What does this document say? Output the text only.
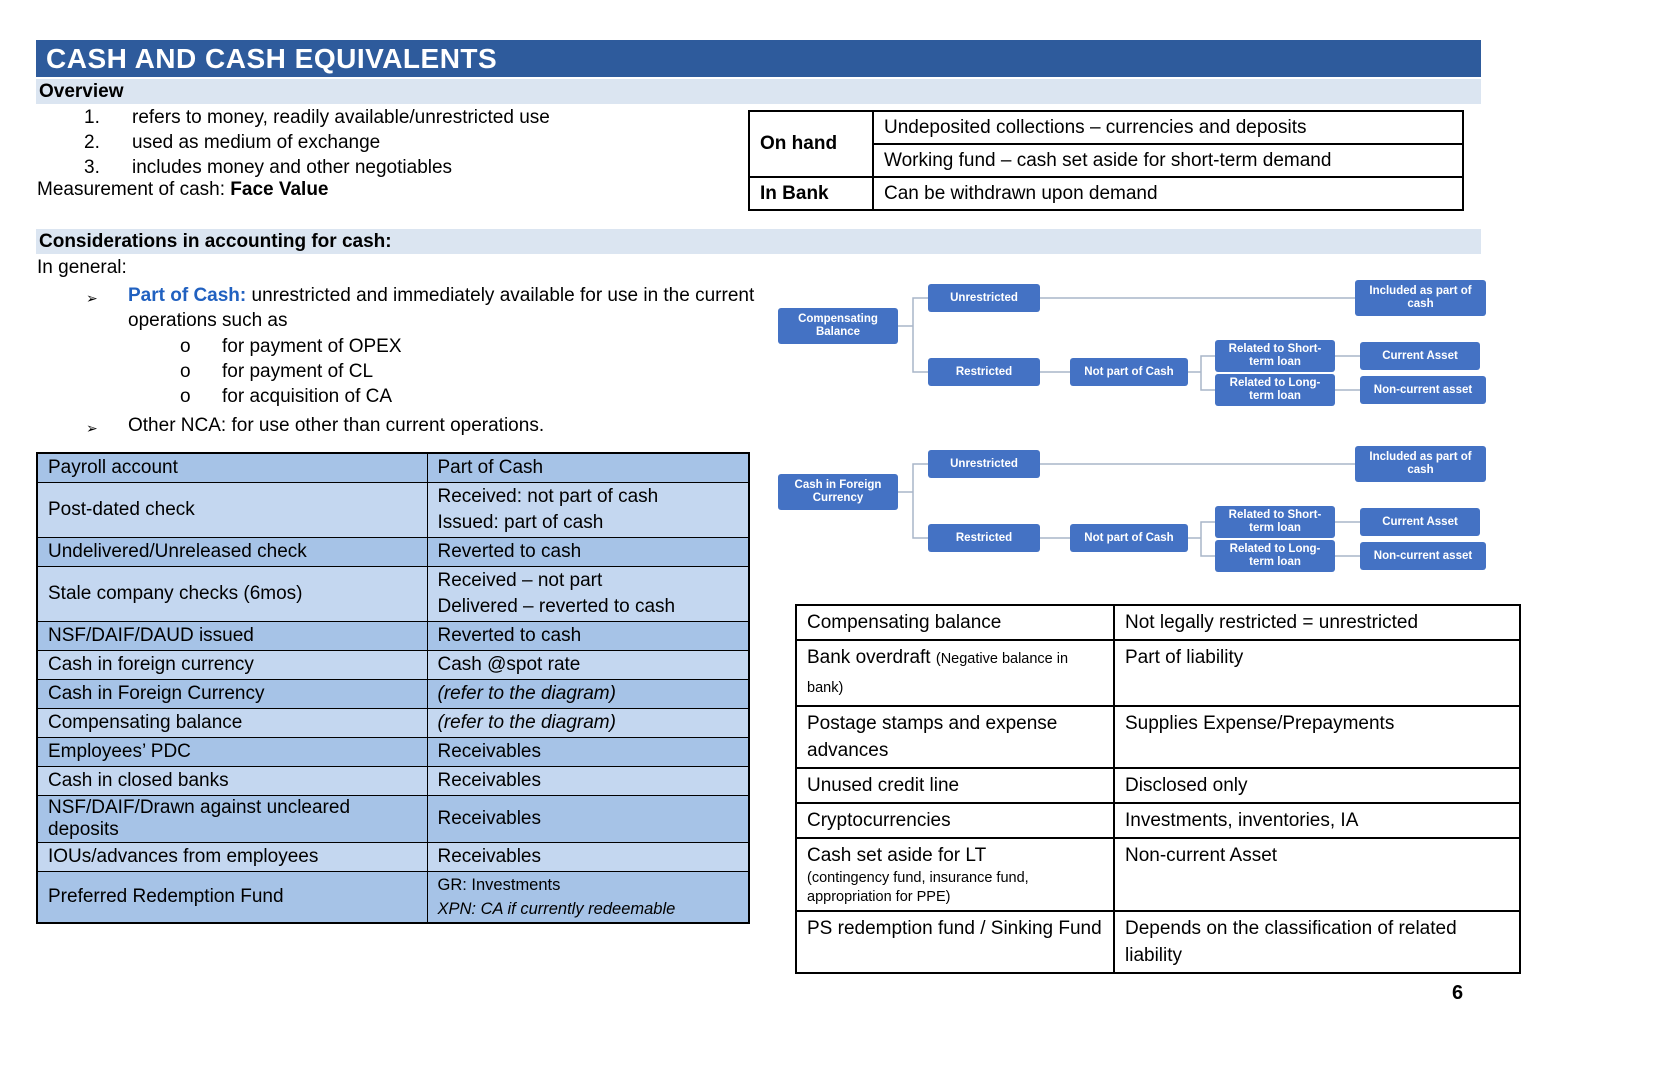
CASH AND CASH EQUIVALENTS
Overview
1.	refers to money, readily available/unrestricted use
2.	used as medium of exchange
3.	includes money and other negotiables
Measurement of cash: Face Value
On hand	Undeposited collections – currencies and deposits
	Working fund – cash set aside for short-term demand
In Bank	Can be withdrawn upon demand
Considerations in accounting for cash:
In general:
➢	Part of Cash: unrestricted and immediately available for use in the current operations such as
o	for payment of OPEX
o	for payment of CL
o	for acquisition of CA
➢	Other NCA: for use other than current operations.
Payroll account	Part of Cash

Post-dated check	Received: not part of cash
Issued: part of cash

Undelivered/Unreleased check	Reverted to cash

Stale company checks (6mos)	Received – not part
Delivered – reverted to cash

NSF/DAIF/DAUD issued	Reverted to cash

Cash in foreign currency	Cash @spot rate

Cash in Foreign Currency	(refer to the diagram)

Compensating balance	(refer to the diagram)

Employees’ PDC	Receivables

Cash in closed banks	Receivables

NSF/DAIF/Drawn against uncleared deposits	Receivables

IOUs/advances from employees	Receivables

Preferred Redemption Fund	GR: Investments
XPN: CA if currently redeemable
Compensating Balance
Unrestricted
Included as part of cash
Restricted	Not part of Cash
Related to Short-term loan
Related to Long-term loan
Current Asset
Non-current asset
Cash in Foreign Currency
Unrestricted
Included as part of cash
Restricted	Not part of Cash
Related to Short-term loan
Related to Long-term loan
Current Asset
Non-current asset
Compensating balance	Not legally restricted = unrestricted
Bank overdraft (Negative balance in bank)	Part of liability
Postage stamps and expense advances	Supplies Expense/Prepayments
Unused credit line	Disclosed only
Cryptocurrencies	Investments, inventories, IA
Cash set aside for LT
(contingency fund, insurance fund, appropriation for PPE)	Non-current Asset
PS redemption fund / Sinking Fund	Depends on the classification of related liability
6
